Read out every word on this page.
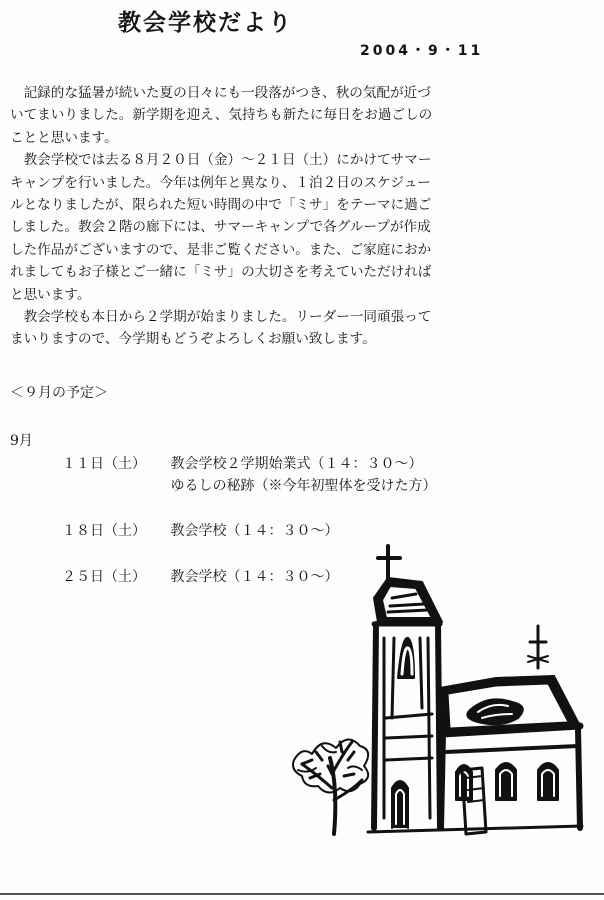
教会学校だより
2004・9・11
　記録的な猛暑が続いた夏の日々にも一段落がつき、秋の気配が近づ
いてまいりました。新学期を迎え、気持ちも新たに毎日をお過ごしの
ことと思います。
　教会学校では去る８月２０日（金）～２１日（土）にかけてサマー
キャンプを行いました。今年は例年と異なり、１泊２日のスケジュー
ルとなりましたが、限られた短い時間の中で「ミサ」をテーマに過ご
しました。教会２階の廊下には、サマーキャンプで各グループが作成
した作品がございますので、是非ご覧ください。また、ご家庭におか
れましてもお子様とご一緒に「ミサ」の大切さを考えていただければ
と思います。
　教会学校も本日から２学期が始まりました。リーダー一同頑張って
まいりますので、今学期もどうぞよろしくお願い致します。
＜９月の予定＞
9月
１１日（土） 教会学校２学期始業式（１４：３０～）
ゆるしの秘跡（※今年初聖体を受けた方）
１８日（土） 教会学校（１４：３０～）
２５日（土） 教会学校（１４：３０～）
